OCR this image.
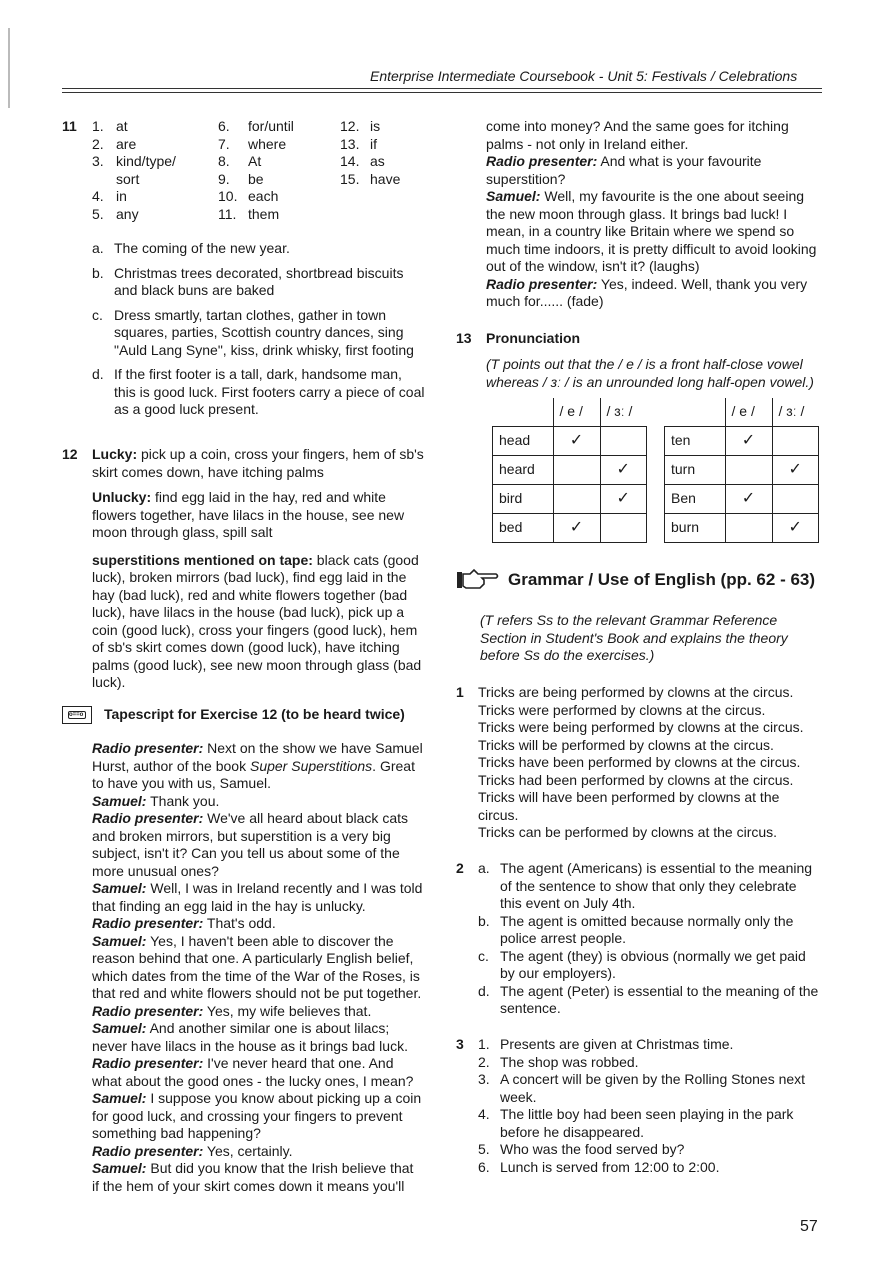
Enterprise Intermediate Coursebook - Unit 5: Festivals / Celebrations
11 1. at
2. are
3. kind/type/
sort
4. in
5. any
6. for/until
7. where
8. At
9. be
10. each
11. them
12. is
13. if
14. as
15. have
a. The coming of the new year.
b. Christmas trees decorated, shortbread biscuits and black buns are baked
c. Dress smartly, tartan clothes, gather in town squares, parties, Scottish country dances, sing "Auld Lang Syne", kiss, drink whisky, first footing
d. If the first footer is a tall, dark, handsome man, this is good luck. First footers carry a piece of coal as a good luck present.
12 Lucky: pick up a coin, cross your fingers, hem of sb's skirt comes down, have itching palms

Unlucky: find egg laid in the hay, red and white flowers together, have lilacs in the house, see new moon through glass, spill salt

superstitions mentioned on tape: black cats (good luck), broken mirrors (bad luck), find egg laid in the hay (bad luck), red and white flowers together (bad luck), have lilacs in the house (bad luck), pick up a coin (good luck), cross your fingers (good luck), hem of sb's skirt comes down (good luck), have itching palms (good luck), see new moon through glass (bad luck).

o==o Tapescript for Exercise 12 (to be heard twice)

Radio presenter: Next on the show we have Samuel Hurst, author of the book Super Superstitions. Great to have you with us, Samuel.

Samuel: Thank you.

Radio presenter: We've all heard about black cats and broken mirrors, but superstition is a very big subject, isn't it? Can you tell us about some of the more unusual ones?

Samuel: Well, I was in Ireland recently and I was told that finding an egg laid in the hay is unlucky.

Radio presenter: That's odd.

Samuel: Yes, I haven't been able to discover the reason behind that one. A particularly English belief, which dates from the time of the War of the Roses, is that red and white flowers should not be put together.

Radio presenter: Yes, my wife believes that.

Samuel: And another similar one is about lilacs; never have lilacs in the house as it brings bad luck.

Radio presenter: I've never heard that one. And what about the good ones - the lucky ones, I mean?

Samuel: I suppose you know about picking up a coin for good luck, and crossing your fingers to prevent something bad happening?

Radio presenter: Yes, certainly.

Samuel: But did you know that the Irish believe that if the hem of your skirt comes down it means you'll

come into money? And the same goes for itching palms - not only in Ireland either.

Radio presenter: And what is your favourite superstition?

Samuel: Well, my favourite is the one about seeing the new moon through glass. It brings bad luck! I mean, in a country like Britain where we spend so much time indoors, it is pretty difficult to avoid looking out of the window, isn't it? (laughs)

Radio presenter: Yes, indeed. Well, thank you very much for...... (fade)

13 Pronunciation
(T points out that the / e / is a front half-close vowel whereas / ɜː / is an unrounded long half-open vowel.)
	/ e /	/ ɜː /
head	✓	
heard		✓
bird		✓
bed	✓	
	/ e /	/ ɜː /
ten	✓	
turn		✓
Ben	✓	
burn		✓
Grammar / Use of English (pp. 62 - 63)
(T refers Ss to the relevant Grammar Reference Section in Student's Book and explains the theory before Ss do the exercises.)
1 Tricks are being performed by clowns at the circus.
Tricks were performed by clowns at the circus.
Tricks were being performed by clowns at the circus.
Tricks will be performed by clowns at the circus.
Tricks have been performed by clowns at the circus.
Tricks had been performed by clowns at the circus.
Tricks will have been performed by clowns at the circus.
Tricks can be performed by clowns at the circus.
2 a. The agent (Americans) is essential to the meaning of the sentence to show that only they celebrate this event on July 4th.
b. The agent is omitted because normally only the police arrest people.
c. The agent (they) is obvious (normally we get paid by our employers).
d. The agent (Peter) is essential to the meaning of the sentence.
3 1. Presents are given at Christmas time.
2. The shop was robbed.
3. A concert will be given by the Rolling Stones next week.
4. The little boy had been seen playing in the park before he disappeared.
5. Who was the food served by?
6. Lunch is served from 12:00 to 2:00.
57
